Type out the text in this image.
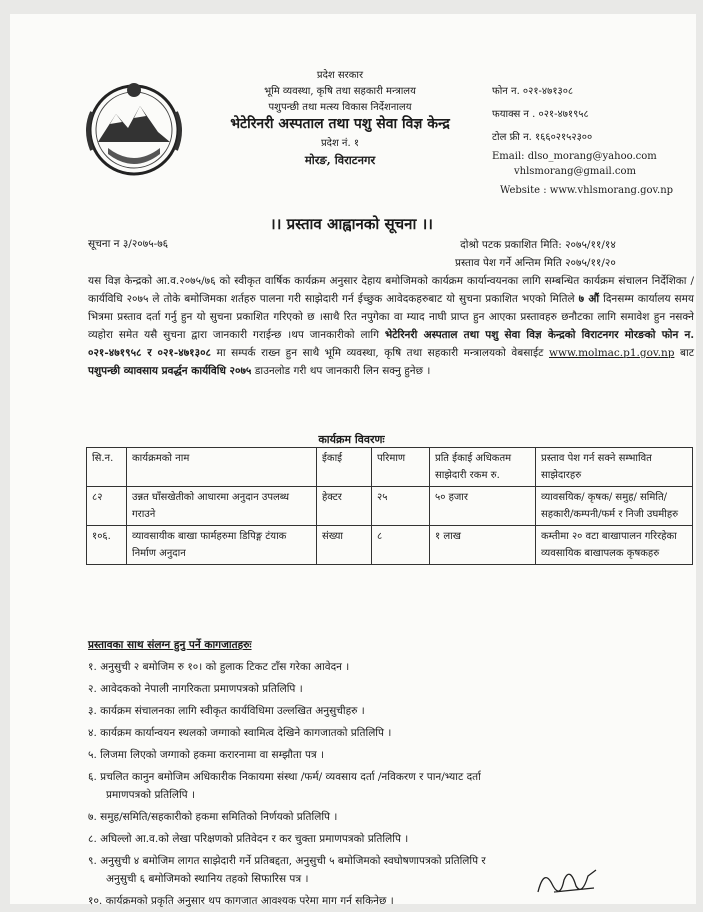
प्रदेश सरकार
भूमि व्यवस्था, कृषि तथा सहकारी मन्त्रालय
पशुपन्छी तथा मत्स्य विकास निर्देशनालय
भेटेरिनरी अस्पताल तथा पशु सेवा विज्ञ केन्द्र
प्रदेश नं. १
मोरङ, विराटनगर
फोन न. ०२१-४७१३०८
फयाक्स न . ०२१-४७१९५८
टोल फ्री न. १६६०२१५२३००
Email: dlso_morang@yahoo.com
vhlsmorang@gmail.com
Website : www.vhlsmorang.gov.np
।। प्रस्ताव आह्वानको सूचना ।।
सूचना न ३/२०७५-७६	दोश्रो पटक प्रकाशित मिति: २०७५/११/१४
प्रस्ताव पेश गर्ने अन्तिम मिति २०७५/११/२०
यस विज्ञ केन्द्रको आ.व.२०७५/७६ को स्वीकृत वार्षिक कार्यक्रम अनुसार देहाय बमोजिमको कार्यक्रम कार्यान्वयनका लागि सम्बन्धित कार्यक्रम संचालन निर्देशिका /कार्यविधि २०७५ ले तोके बमोजिमका शर्तहरु पालना गरी साझेदारी गर्न ईच्छुक आवेदकहरुबाट यो सुचना प्रकाशित भएको मितिले ७ औं दिनसम्म कार्यालय समय भित्रमा प्रस्ताव दर्ता गर्नु हुन यो सुचना प्रकाशित गरिएको छ ।साथै रित नपुगेका वा म्याद नाघी प्राप्त हुन आएका प्रस्तावहरु छनौटका लागि समावेश हुन नसक्ने व्यहोरा समेत यसै सुचना द्वारा जानकारी गराईन्छ ।थप जानकारीको लागि भेटेरिनरी अस्पताल तथा पशु सेवा विज्ञ केन्द्रको विराटनगर मोरङको फोन न. ०२१-४७१९५८ र ०२१-४७१३०८ मा सम्पर्क राख्न हुन साथै भूमि व्यवस्था, कृषि तथा सहकारी मन्त्रालयको वेबसाईट www.molmac.p1.gov.np बाट पशुपन्छी व्यावसाय प्रवर्द्धन कार्यविधि २०७५ डाउनलोड गरी थप जानकारी लिन सक्नु हुनेछ ।
कार्यक्रम विवरणः
सि.न.	कार्यक्रमको नाम	ईकाई	परिमाण	प्रति ईकाई अधिकतम साझेदारी रकम रु.	प्रस्ताव पेश गर्न सक्ने सम्भावित साझेदारहरु
८२	उन्नत घाँसखेतीको आधारमा अनुदान उपलब्ध गराउने	हेक्टर	२५	५० हजार	व्यावसयिक/ कृषक/ समुह/ समिति/सहकारी/कम्पनी/फर्म र निजी उघमीहरु
१०६.	व्यावसायीक बाखा फार्महरुमा डिपिङ्ग टंयाक निर्माण अनुदान	संख्या	८	१ लाख	कम्तीमा २० वटा बाखापालन गरिरहेका व्यवसायिक बाखापलक कृषकहरु
प्रस्तावका साथ संलग्न हुनु पर्ने कागजातहरुः
१. अनुसुची २ बमोजिम रु १०। को हुलाक टिकट टाँस गरेका आवेदन ।
२. आवेदकको नेपाली नागरिकता प्रमाणपत्रको प्रतिलिपि ।
३. कार्यक्रम संचालनका लागि स्वीकृत कार्यविधिमा उल्लखित अनुसुचीहरु ।
४. कार्यक्रम कार्यान्वयन स्थलको जग्गाको स्वामित्व देखिने कागजातको प्रतिलिपि ।
५. लिजमा लिएको जग्गाको हकमा करारनामा वा सम्झौता पत्र ।
६. प्रचलित कानुन बमोजिम अधिकारीक निकायमा संस्था /फर्म/ व्यवसाय दर्ता /नविकरण र पान/भ्याट दर्ता
प्रमाणपत्रको प्रतिलिपि ।
७. समुह/समिति/सहकारीको हकमा समितिको निर्णयको प्रतिलिपि ।
८. अघिल्लो आ.व.को लेखा परिक्षणको प्रतिवेदन र कर चुक्ता प्रमाणपत्रको प्रतिलिपि ।
९. अनुसुची ४ बमोजिम लागत साझेदारी गर्ने प्रतिबद्दता, अनुसुची ५ बमोजिमको स्वघोषणापत्रको प्रतिलिपि र
अनुसुची ६ बमोजिमको स्थानिय तहको सिफारिस पत्र ।
१०. कार्यक्रमको प्रकृति अनुसार थप कागजात आवश्यक परेमा माग गर्न सकिनेछ ।
